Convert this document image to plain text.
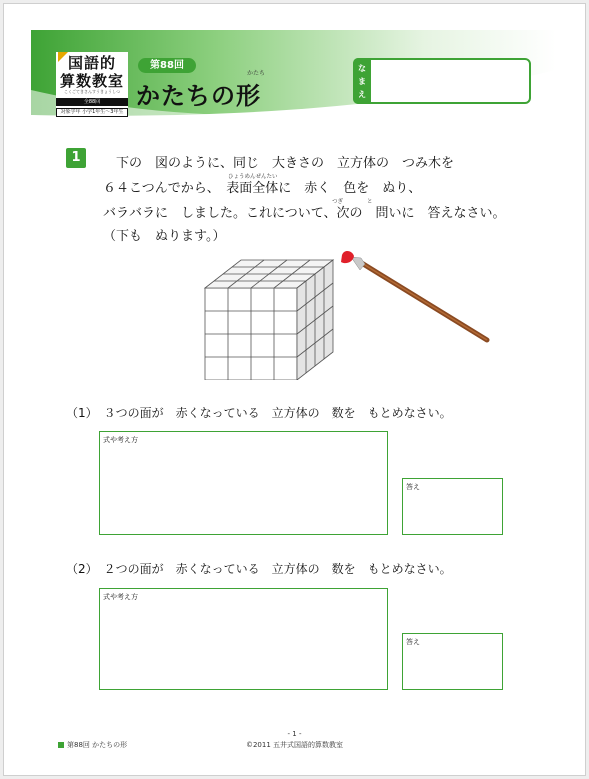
国語的
算数教室
こくごてきさんすうきょうしつ
全88回
対象学年 小学1年生～3年生
第88回
かたち
かたちの形
な
ま
え
1
ひょうめんぜんたい
つぎ	と
下の　図のように、同じ　大きさの　立方体の　つみ木を
６４こつんでから、　表面全体に　赤く　色を　ぬり、
バラバラに　しました。これについて、次の　問いに　答えなさい。
（下も　ぬります。）
（1）　３つの面が　赤くなっている　立方体の　数を　もとめなさい。
式や考え方
答え
（2）　２つの面が　赤くなっている　立方体の　数を　もとめなさい。
式や考え方
答え
- 1 -
第88回 かたちの形	©2011 五井式国語的算数教室
